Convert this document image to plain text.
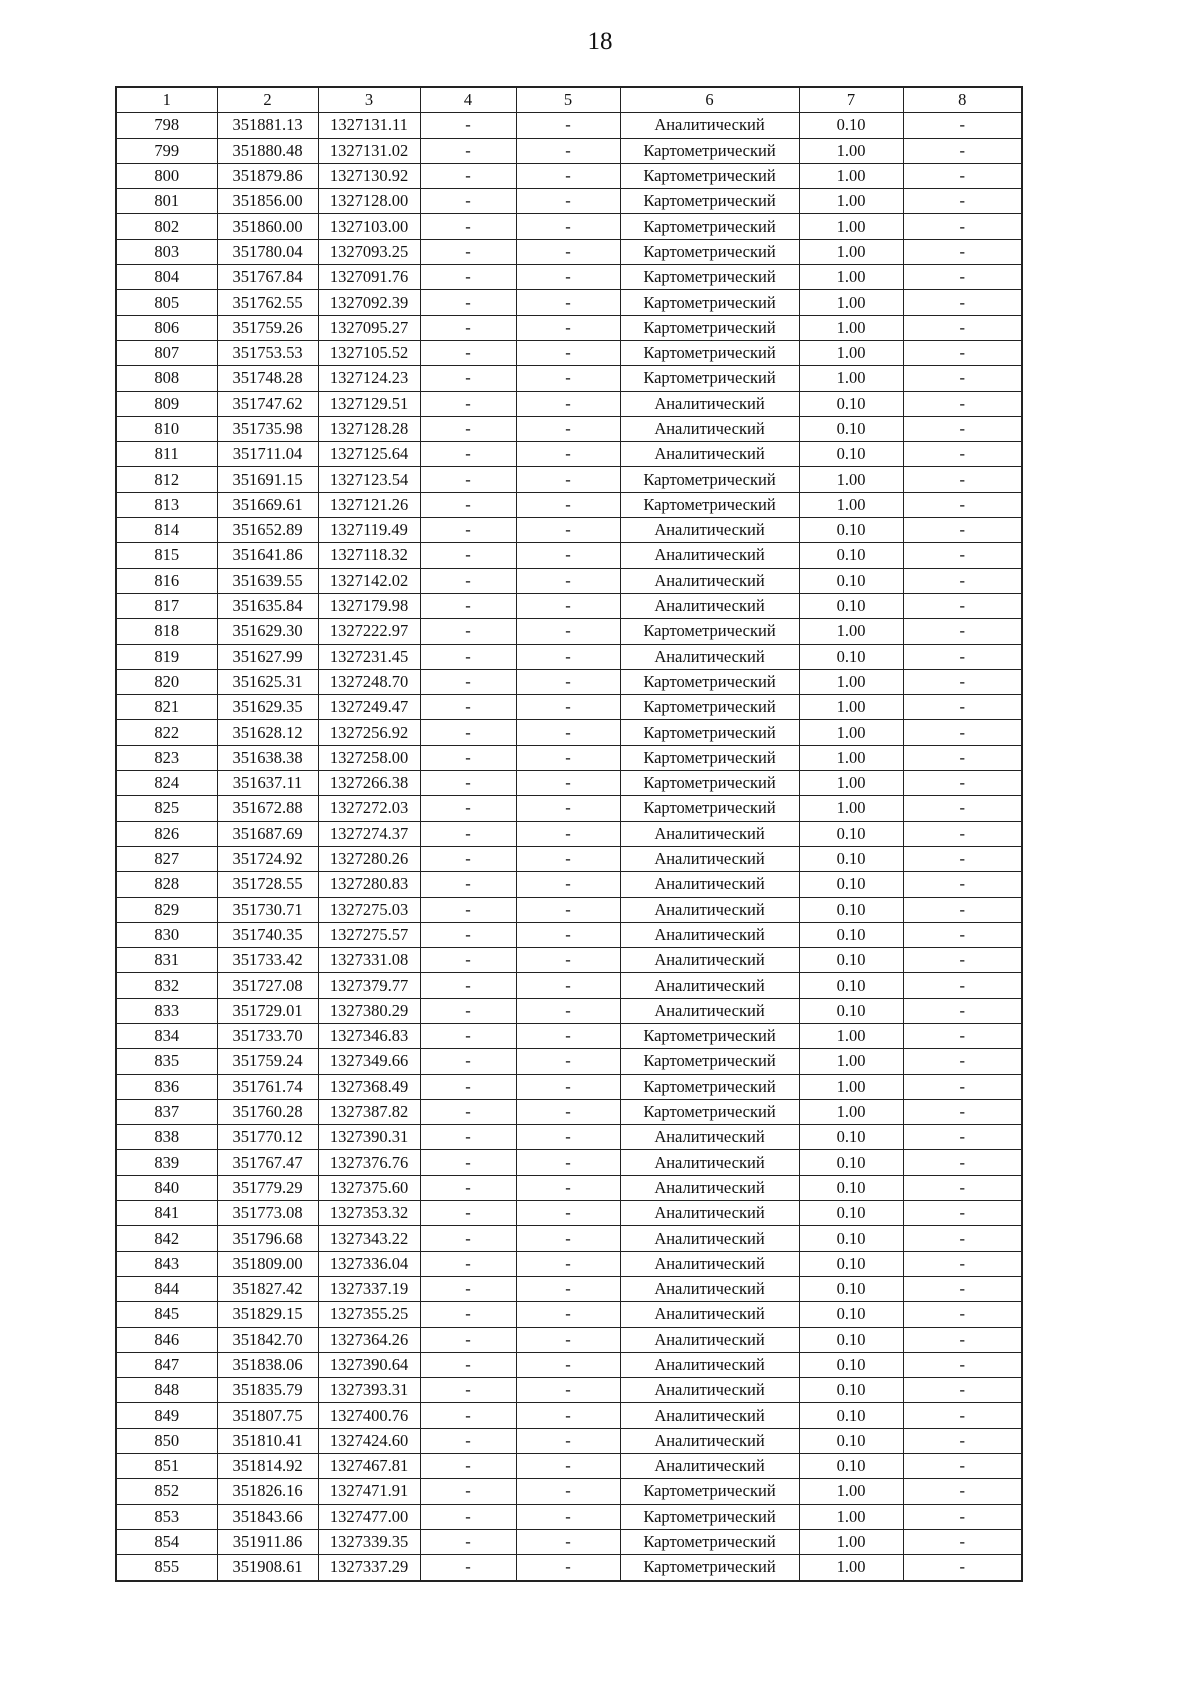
18
1	2	3	4	5	6	7	8
798	351881.13	1327131.11	-	-	Аналитический	0.10	-
799	351880.48	1327131.02	-	-	Картометрический	1.00	-
800	351879.86	1327130.92	-	-	Картометрический	1.00	-
801	351856.00	1327128.00	-	-	Картометрический	1.00	-
802	351860.00	1327103.00	-	-	Картометрический	1.00	-
803	351780.04	1327093.25	-	-	Картометрический	1.00	-
804	351767.84	1327091.76	-	-	Картометрический	1.00	-
805	351762.55	1327092.39	-	-	Картометрический	1.00	-
806	351759.26	1327095.27	-	-	Картометрический	1.00	-
807	351753.53	1327105.52	-	-	Картометрический	1.00	-
808	351748.28	1327124.23	-	-	Картометрический	1.00	-
809	351747.62	1327129.51	-	-	Аналитический	0.10	-
810	351735.98	1327128.28	-	-	Аналитический	0.10	-
811	351711.04	1327125.64	-	-	Аналитический	0.10	-
812	351691.15	1327123.54	-	-	Картометрический	1.00	-
813	351669.61	1327121.26	-	-	Картометрический	1.00	-
814	351652.89	1327119.49	-	-	Аналитический	0.10	-
815	351641.86	1327118.32	-	-	Аналитический	0.10	-
816	351639.55	1327142.02	-	-	Аналитический	0.10	-
817	351635.84	1327179.98	-	-	Аналитический	0.10	-
818	351629.30	1327222.97	-	-	Картометрический	1.00	-
819	351627.99	1327231.45	-	-	Аналитический	0.10	-
820	351625.31	1327248.70	-	-	Картометрический	1.00	-
821	351629.35	1327249.47	-	-	Картометрический	1.00	-
822	351628.12	1327256.92	-	-	Картометрический	1.00	-
823	351638.38	1327258.00	-	-	Картометрический	1.00	-
824	351637.11	1327266.38	-	-	Картометрический	1.00	-
825	351672.88	1327272.03	-	-	Картометрический	1.00	-
826	351687.69	1327274.37	-	-	Аналитический	0.10	-
827	351724.92	1327280.26	-	-	Аналитический	0.10	-
828	351728.55	1327280.83	-	-	Аналитический	0.10	-
829	351730.71	1327275.03	-	-	Аналитический	0.10	-
830	351740.35	1327275.57	-	-	Аналитический	0.10	-
831	351733.42	1327331.08	-	-	Аналитический	0.10	-
832	351727.08	1327379.77	-	-	Аналитический	0.10	-
833	351729.01	1327380.29	-	-	Аналитический	0.10	-
834	351733.70	1327346.83	-	-	Картометрический	1.00	-
835	351759.24	1327349.66	-	-	Картометрический	1.00	-
836	351761.74	1327368.49	-	-	Картометрический	1.00	-
837	351760.28	1327387.82	-	-	Картометрический	1.00	-
838	351770.12	1327390.31	-	-	Аналитический	0.10	-
839	351767.47	1327376.76	-	-	Аналитический	0.10	-
840	351779.29	1327375.60	-	-	Аналитический	0.10	-
841	351773.08	1327353.32	-	-	Аналитический	0.10	-
842	351796.68	1327343.22	-	-	Аналитический	0.10	-
843	351809.00	1327336.04	-	-	Аналитический	0.10	-
844	351827.42	1327337.19	-	-	Аналитический	0.10	-
845	351829.15	1327355.25	-	-	Аналитический	0.10	-
846	351842.70	1327364.26	-	-	Аналитический	0.10	-
847	351838.06	1327390.64	-	-	Аналитический	0.10	-
848	351835.79	1327393.31	-	-	Аналитический	0.10	-
849	351807.75	1327400.76	-	-	Аналитический	0.10	-
850	351810.41	1327424.60	-	-	Аналитический	0.10	-
851	351814.92	1327467.81	-	-	Аналитический	0.10	-
852	351826.16	1327471.91	-	-	Картометрический	1.00	-
853	351843.66	1327477.00	-	-	Картометрический	1.00	-
854	351911.86	1327339.35	-	-	Картометрический	1.00	-
855	351908.61	1327337.29	-	-	Картометрический	1.00	-
